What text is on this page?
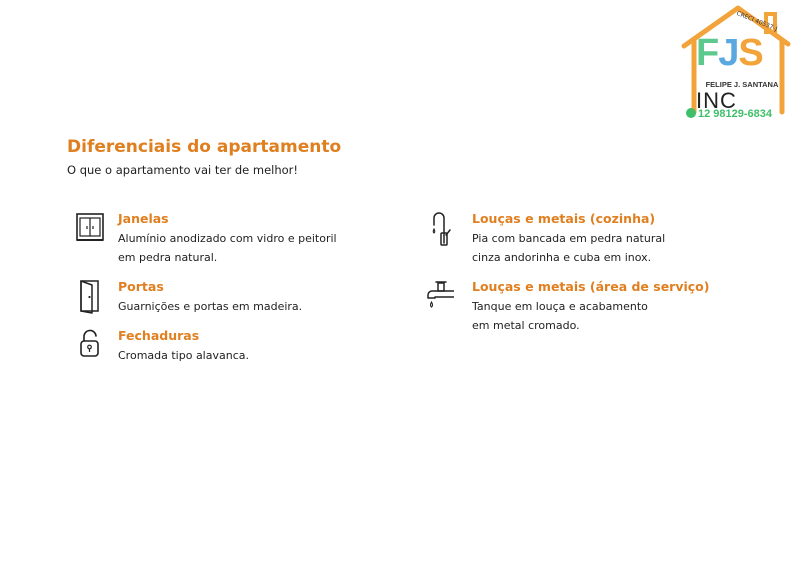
CRECI 40537-J
FJS
FELIPE J. SANTANA
INC
12 98129-6834
Diferenciais do apartamento
O que o apartamento vai ter de melhor!
Janelas
Alumínio anodizado com vidro e peitoril
em pedra natural.
Portas
Guarnições e portas em madeira.
Fechaduras
Cromada tipo alavanca.
Louças e metais (cozinha)
Pia com bancada em pedra natural
cinza andorinha e cuba em inox.
Louças e metais (área de serviço)
Tanque em louça e acabamento
em metal cromado.
